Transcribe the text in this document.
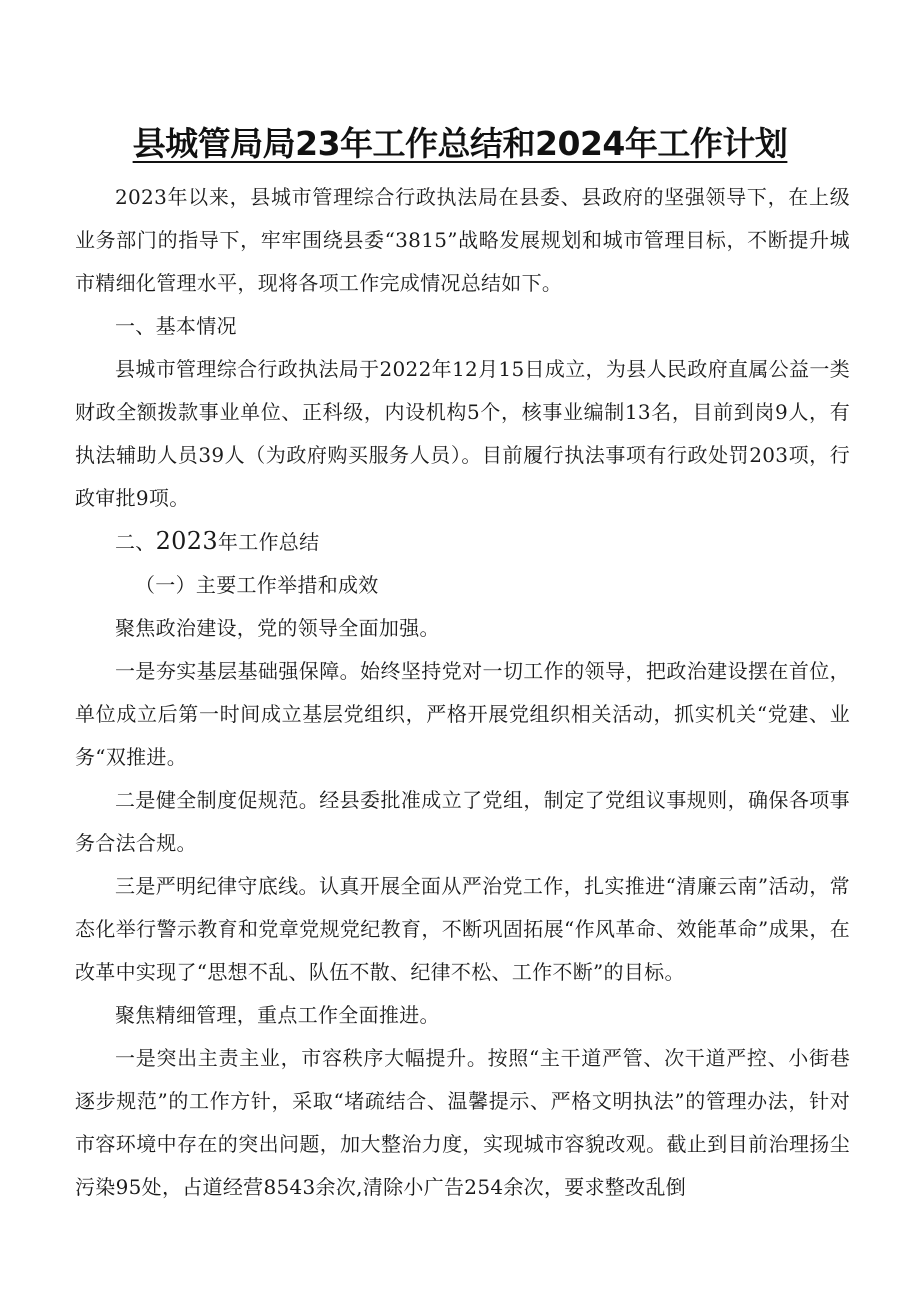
县城管局局23年工作总结和2024年工作计划

2023年以来，县城市管理综合行政执法局在县委、县政府的坚强领导下，在上级业务部门的指导下，牢牢围绕县委“3815”战略发展规划和城市管理目标，不断提升城市精细化管理水平，现将各项工作完成情况总结如下。

一、基本情况

县城市管理综合行政执法局于2022年12月15日成立，为县人民政府直属公益一类财政全额拨款事业单位、正科级，内设机构5个，核事业编制13名，目前到岗9人，有执法辅助人员39人（为政府购买服务人员）。目前履行执法事项有行政处罚203项，行政审批9项。

二、2023年工作总结

（一）主要工作举措和成效

聚焦政治建设，党的领导全面加强。

一是夯实基层基础强保障。始终坚持党对一切工作的领导，把政治建设摆在首位，单位成立后第一时间成立基层党组织，严格开展党组织相关活动，抓实机关“党建、业务“双推进。

二是健全制度促规范。经县委批准成立了党组，制定了党组议事规则，确保各项事务合法合规。

三是严明纪律守底线。认真开展全面从严治党工作，扎实推进“清廉云南”活动，常态化举行警示教育和党章党规党纪教育，不断巩固拓展“作风革命、效能革命”成果，在改革中实现了“思想不乱、队伍不散、纪律不松、工作不断”的目标。

聚焦精细管理，重点工作全面推进。

一是突出主责主业，市容秩序大幅提升。按照“主干道严管、次干道严控、小街巷逐步规范”的工作方针，采取“堵疏结合、温馨提示、严格文明执法”的管理办法，针对市容环境中存在的突出问题，加大整治力度，实现城市容貌改观。截止到目前治理扬尘污染95处，占道经营8543余次,清除小广告254余次，要求整改乱倒
